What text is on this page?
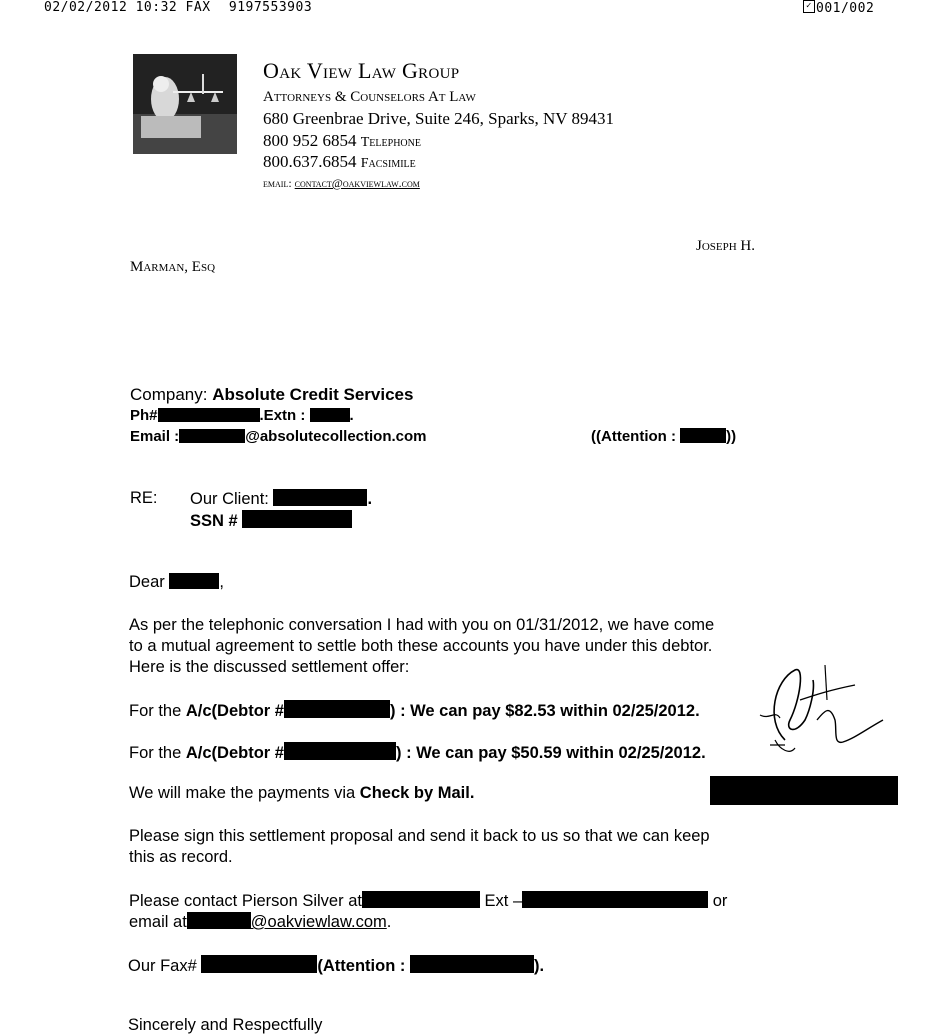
02/02/2012 10:32 FAX 9197553903	✓ 001/002
Oak View Law Group
Attorneys & Counselors At Law
680 Greenbrae Drive, Suite 246, Sparks, NV 89431
800 952 6854 Telephone
800.637.6854 Facsimile
email: contact@oakviewlaw.com
Joseph H.
Marman, Esq
Company: Absolute Credit Services
Ph#	.Extn :	.
Email :	@absolutecollection.com	((Attention :	))
RE: Our Client:	.
SSN #
Dear	,
As per the telephonic conversation I had with you on 01/31/2012, we have come
to a mutual agreement to settle both these accounts you have under this debtor.
Here is the discussed settlement offer:
For the A/c(Debtor #	) : We can pay $82.53 within 02/25/2012.
For the A/c(Debtor #	) : We can pay $50.59 within 02/25/2012.
We will make the payments via Check by Mail.
Please sign this settlement proposal and send it back to us so that we can keep
this as record.
Please contact Pierson Silver at	Ext –	or
email at	@oakviewlaw.com.
Our Fax#	(Attention :	).
Sincerely and Respectfully
